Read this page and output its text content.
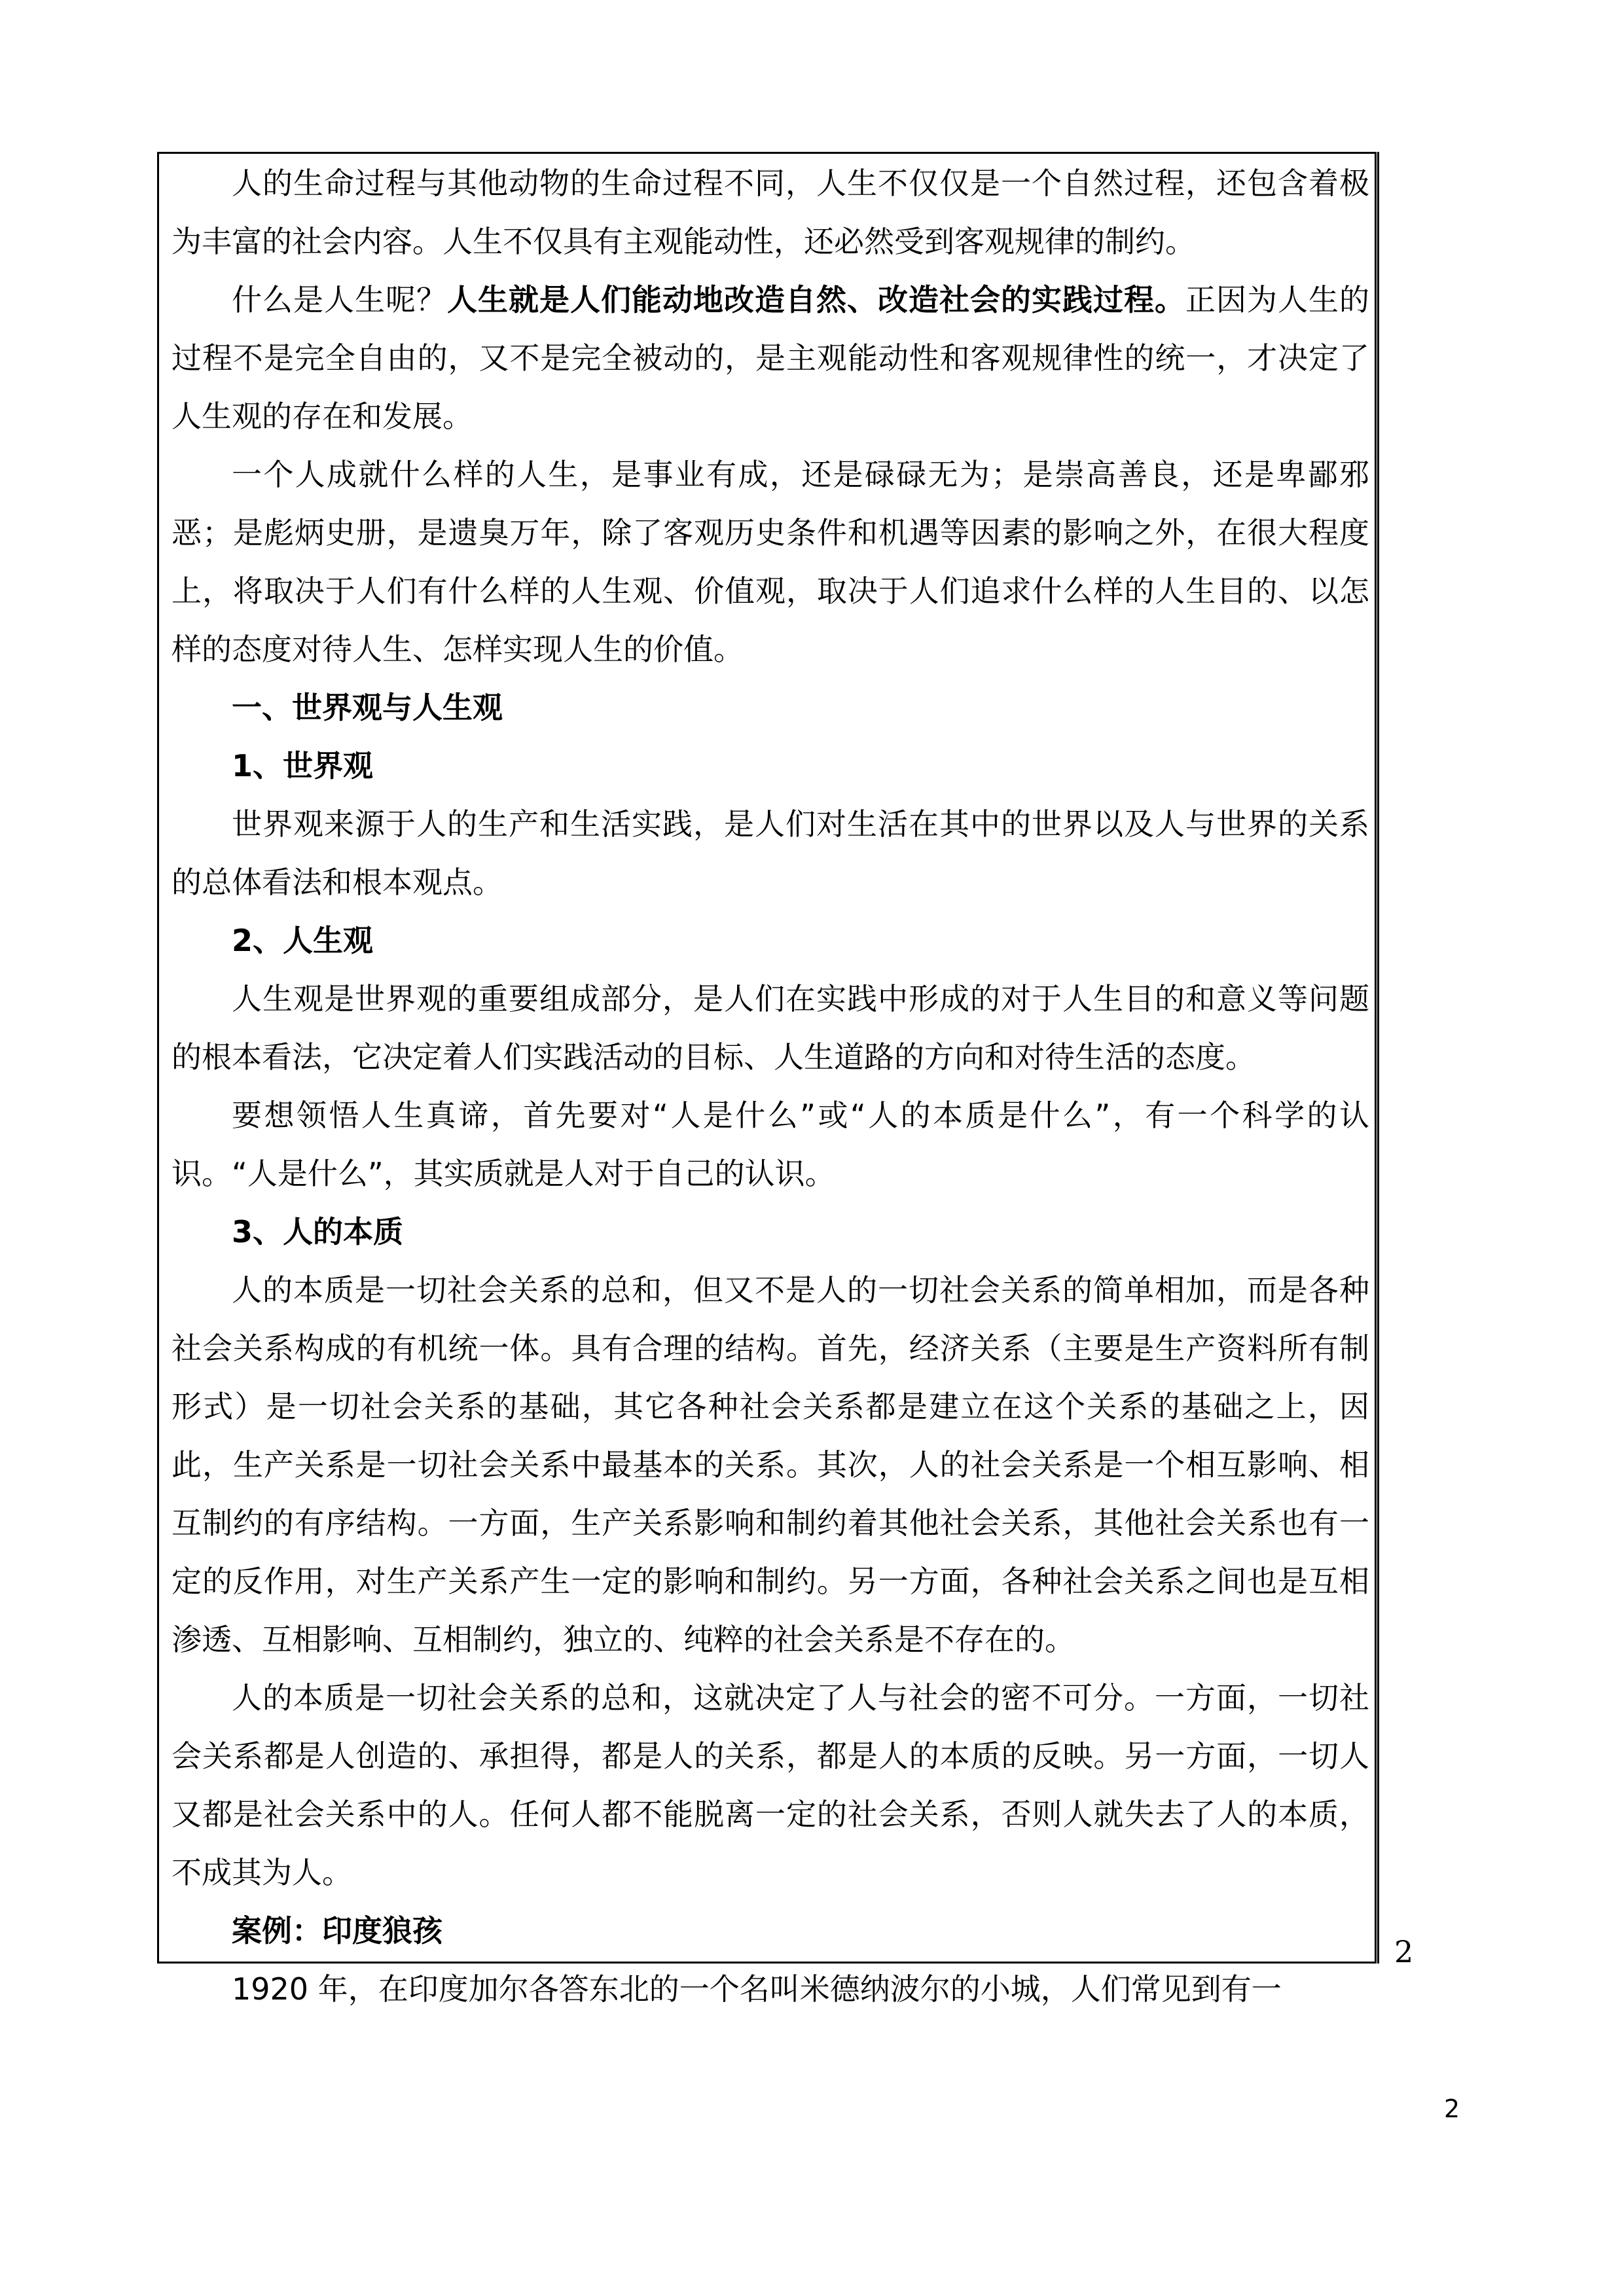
人的生命过程与其他动物的生命过程不同，人生不仅仅是一个自然过程，还包含着极为丰富的社会内容。人生不仅具有主观能动性，还必然受到客观规律的制约。

什么是人生呢？人生就是人们能动地改造自然、改造社会的实践过程。正因为人生的过程不是完全自由的，又不是完全被动的，是主观能动性和客观规律性的统一，才决定了人生观的存在和发展。

一个人成就什么样的人生，是事业有成，还是碌碌无为；是崇高善良，还是卑鄙邪恶；是彪炳史册，是遗臭万年，除了客观历史条件和机遇等因素的影响之外，在很大程度上，将取决于人们有什么样的人生观、价值观，取决于人们追求什么样的人生目的、以怎样的态度对待人生、怎样实现人生的价值。

一、世界观与人生观

1、世界观

世界观来源于人的生产和生活实践，是人们对生活在其中的世界以及人与世界的关系的总体看法和根本观点。

2、人生观

人生观是世界观的重要组成部分，是人们在实践中形成的对于人生目的和意义等问题的根本看法，它决定着人们实践活动的目标、人生道路的方向和对待生活的态度。

要想领悟人生真谛，首先要对“人是什么”或“人的本质是什么”，有一个科学的认识。“人是什么”，其实质就是人对于自己的认识。

3、人的本质

人的本质是一切社会关系的总和，但又不是人的一切社会关系的简单相加，而是各种社会关系构成的有机统一体。具有合理的结构。首先，经济关系（主要是生产资料所有制形式）是一切社会关系的基础，其它各种社会关系都是建立在这个关系的基础之上，因此，生产关系是一切社会关系中最基本的关系。其次，人的社会关系是一个相互影响、相互制约的有序结构。一方面，生产关系影响和制约着其他社会关系，其他社会关系也有一定的反作用，对生产关系产生一定的影响和制约。另一方面，各种社会关系之间也是互相渗透、互相影响、互相制约，独立的、纯粹的社会关系是不存在的。

人的本质是一切社会关系的总和，这就决定了人与社会的密不可分。一方面，一切社会关系都是人创造的、承担得，都是人的关系，都是人的本质的反映。另一方面，一切人又都是社会关系中的人。任何人都不能脱离一定的社会关系，否则人就失去了人的本质，不成其为人。

案例：印度狼孩

1920 年，在印度加尔各答东北的一个名叫米德纳波尔的小城，人们常见到有一

2
2
